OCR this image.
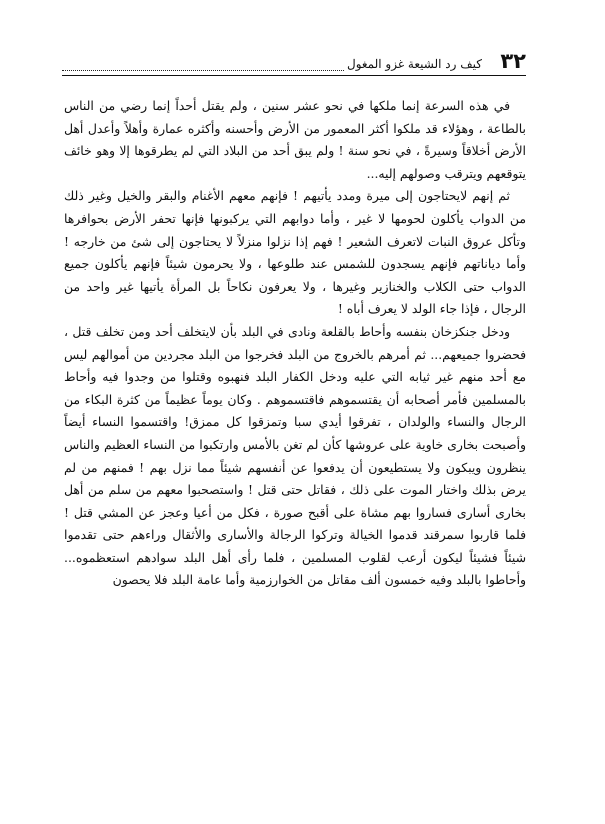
٣٢
كيف رد الشيعة غزو المغول

في هذه السرعة إنما ملكها في نحو عشر سنين ، ولم يقتل أحداً إنما رضي من الناس بالطاعة ، وهؤلاء قد ملكوا أكثر المعمور من الأرض وأحسنه وأكثره عمارة وأهلاً وأعدل أهل الأرض أخلاقاً وسيرةً ، في نحو سنة ! ولم يبق أحد من البلاد التي لم يطرقوها إلا وهو خائف يتوقعهم ويترقب وصولهم إليه...

ثم إنهم لايحتاجون إلى ميرة ومدد يأتيهم ! فإنهم معهم الأغنام والبقر والخيل وغير ذلك من الدواب يأكلون لحومها لا غير ، وأما دوابهم التي يركبونها فإنها تحفر الأرض بحوافرها وتأكل عروق النبات لاتعرف الشعير ! فهم إذا نزلوا منزلاً لا يحتاجون إلى شئ من خارجه ! وأما دياناتهم فإنهم يسجدون للشمس عند طلوعها ، ولا يحرمون شيئاً فإنهم يأكلون جميع الدواب حتى الكلاب والخنازير وغيرها ، ولا يعرفون نكاحاً بل المرأة يأتيها غير واحد من الرجال ، فإذا جاء الولد لا يعرف أباه !

ودخل جنكزخان بنفسه وأحاط بالقلعة ونادى في البلد بأن لايتخلف أحد ومن تخلف قتل ، فحضروا جميعهم... ثم أمرهم بالخروج من البلد فخرجوا من البلد مجردين من أموالهم ليس مع أحد منهم غير ثيابه التي عليه ودخل الكفار البلد فنهبوه وقتلوا من وجدوا فيه وأحاط بالمسلمين فأمر أصحابه أن يقتسموهم فاقتسموهم . وكان يوماً عظيماً من كثرة البكاء من الرجال والنساء والولدان ، تفرقوا أيدي سبا وتمزقوا كل ممزق! واقتسموا النساء أيضاً وأصبحت بخارى خاوية على عروشها كأن لم تغن بالأمس وارتكبوا من النساء العظيم والناس ينظرون ويبكون ولا يستطيعون أن يدفعوا عن أنفسهم شيئاً مما نزل بهم ! فمنهم من لم يرض بذلك واختار الموت على ذلك ، فقاتل حتى قتل ! واستصحبوا معهم من سلم من أهل بخارى أسارى فساروا بهم مشاة على أقبح صورة ، فكل من أعيا وعجز عن المشي قتل ! فلما قاربوا سمرقند قدموا الخيالة وتركوا الرجالة والأسارى والأثقال وراءهم حتى تقدموا شيئاً فشيئاً ليكون أرعب لقلوب المسلمين ، فلما رأى أهل البلد سوادهم استعظموه... وأحاطوا بالبلد وفيه خمسون ألف مقاتل من الخوارزمية وأما عامة البلد فلا يحصون
